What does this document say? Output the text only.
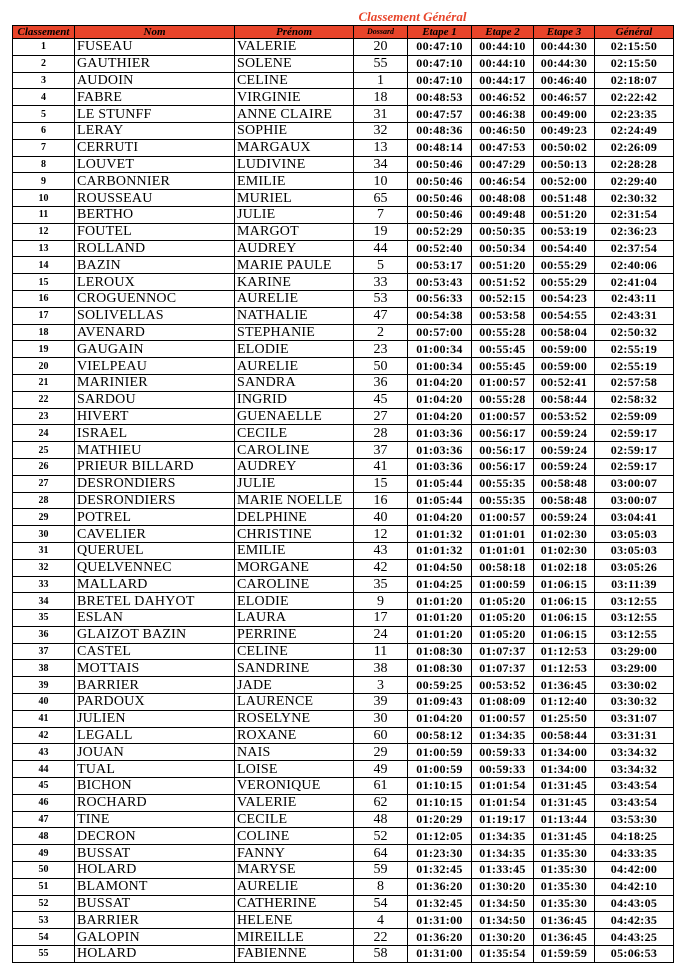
Classement Général
Classement	Nom	Prénom	Dossard	Etape 1	Etape 2	Etape 3	Général
1	FUSEAU	VALERIE	20	00:47:10	00:44:10	00:44:30	02:15:50
2	GAUTHIER	SOLENE	55	00:47:10	00:44:10	00:44:30	02:15:50
3	AUDOIN	CELINE	1	00:47:10	00:44:17	00:46:40	02:18:07
4	FABRE	VIRGINIE	18	00:48:53	00:46:52	00:46:57	02:22:42
5	LE STUNFF	ANNE CLAIRE	31	00:47:57	00:46:38	00:49:00	02:23:35
6	LERAY	SOPHIE	32	00:48:36	00:46:50	00:49:23	02:24:49
7	CERRUTI	MARGAUX	13	00:48:14	00:47:53	00:50:02	02:26:09
8	LOUVET	LUDIVINE	34	00:50:46	00:47:29	00:50:13	02:28:28
9	CARBONNIER	EMILIE	10	00:50:46	00:46:54	00:52:00	02:29:40
10	ROUSSEAU	MURIEL	65	00:50:46	00:48:08	00:51:48	02:30:32
11	BERTHO	JULIE	7	00:50:46	00:49:48	00:51:20	02:31:54
12	FOUTEL	MARGOT	19	00:52:29	00:50:35	00:53:19	02:36:23
13	ROLLAND	AUDREY	44	00:52:40	00:50:34	00:54:40	02:37:54
14	BAZIN	MARIE PAULE	5	00:53:17	00:51:20	00:55:29	02:40:06
15	LEROUX	KARINE	33	00:53:43	00:51:52	00:55:29	02:41:04
16	CROGUENNOC	AURELIE	53	00:56:33	00:52:15	00:54:23	02:43:11
17	SOLIVELLAS	NATHALIE	47	00:54:38	00:53:58	00:54:55	02:43:31
18	AVENARD	STEPHANIE	2	00:57:00	00:55:28	00:58:04	02:50:32
19	GAUGAIN	ELODIE	23	01:00:34	00:55:45	00:59:00	02:55:19
20	VIELPEAU	AURELIE	50	01:00:34	00:55:45	00:59:00	02:55:19
21	MARINIER	SANDRA	36	01:04:20	01:00:57	00:52:41	02:57:58
22	SARDOU	INGRID	45	01:04:20	00:55:28	00:58:44	02:58:32
23	HIVERT	GUENAELLE	27	01:04:20	01:00:57	00:53:52	02:59:09
24	ISRAEL	CECILE	28	01:03:36	00:56:17	00:59:24	02:59:17
25	MATHIEU	CAROLINE	37	01:03:36	00:56:17	00:59:24	02:59:17
26	PRIEUR BILLARD	AUDREY	41	01:03:36	00:56:17	00:59:24	02:59:17
27	DESRONDIERS	JULIE	15	01:05:44	00:55:35	00:58:48	03:00:07
28	DESRONDIERS	MARIE NOELLE	16	01:05:44	00:55:35	00:58:48	03:00:07
29	POTREL	DELPHINE	40	01:04:20	01:00:57	00:59:24	03:04:41
30	CAVELIER	CHRISTINE	12	01:01:32	01:01:01	01:02:30	03:05:03
31	QUERUEL	EMILIE	43	01:01:32	01:01:01	01:02:30	03:05:03
32	QUELVENNEC	MORGANE	42	01:04:50	00:58:18	01:02:18	03:05:26
33	MALLARD	CAROLINE	35	01:04:25	01:00:59	01:06:15	03:11:39
34	BRETEL DAHYOT	ELODIE	9	01:01:20	01:05:20	01:06:15	03:12:55
35	ESLAN	LAURA	17	01:01:20	01:05:20	01:06:15	03:12:55
36	GLAIZOT BAZIN	PERRINE	24	01:01:20	01:05:20	01:06:15	03:12:55
37	CASTEL	CELINE	11	01:08:30	01:07:37	01:12:53	03:29:00
38	MOTTAIS	SANDRINE	38	01:08:30	01:07:37	01:12:53	03:29:00
39	BARRIER	JADE	3	00:59:25	00:53:52	01:36:45	03:30:02
40	PARDOUX	LAURENCE	39	01:09:43	01:08:09	01:12:40	03:30:32
41	JULIEN	ROSELYNE	30	01:04:20	01:00:57	01:25:50	03:31:07
42	LEGALL	ROXANE	60	00:58:12	01:34:35	00:58:44	03:31:31
43	JOUAN	NAIS	29	01:00:59	00:59:33	01:34:00	03:34:32
44	TUAL	LOISE	49	01:00:59	00:59:33	01:34:00	03:34:32
45	BICHON	VERONIQUE	61	01:10:15	01:01:54	01:31:45	03:43:54
46	ROCHARD	VALERIE	62	01:10:15	01:01:54	01:31:45	03:43:54
47	TINE	CECILE	48	01:20:29	01:19:17	01:13:44	03:53:30
48	DECRON	COLINE	52	01:12:05	01:34:35	01:31:45	04:18:25
49	BUSSAT	FANNY	64	01:23:30	01:34:35	01:35:30	04:33:35
50	HOLARD	MARYSE	59	01:32:45	01:33:45	01:35:30	04:42:00
51	BLAMONT	AURELIE	8	01:36:20	01:30:20	01:35:30	04:42:10
52	BUSSAT	CATHERINE	54	01:32:45	01:34:50	01:35:30	04:43:05
53	BARRIER	HELENE	4	01:31:00	01:34:50	01:36:45	04:42:35
54	GALOPIN	MIREILLE	22	01:36:20	01:30:20	01:36:45	04:43:25
55	HOLARD	FABIENNE	58	01:31:00	01:35:54	01:59:59	05:06:53
